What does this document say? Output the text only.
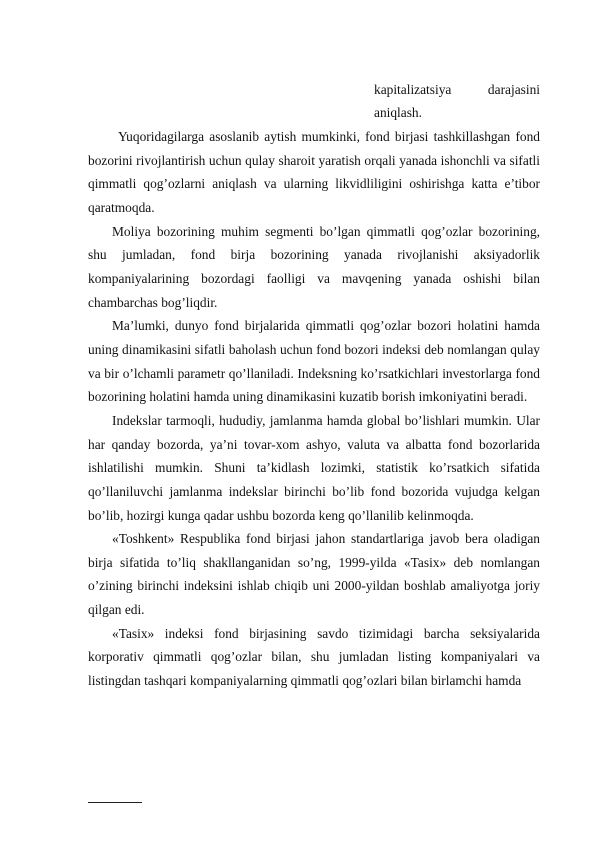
kapitalizatsiya darajasini
aniqlash.

Yuqoridagilarga asoslanib aytish mumkinki, fond birjasi tashkillashgan fond bozorini rivojlantirish uchun qulay sharoit yaratish orqali yanada ishonchli va sifatli qimmatli qog’ozlarni aniqlash va ularning likvidliligini oshirishga katta e’tibor qaratmoqda.

Moliya bozorining muhim segmenti bo’lgan qimmatli qog’ozlar bozorining, shu jumladan, fond birja bozorining yanada rivojlanishi aksiyadorlik kompaniyalarining bozordagi faolligi va mavqening yanada oshishi bilan chambarchas bog’liqdir.

Ma’lumki, dunyo fond birjalarida qimmatli qog’ozlar bozori holatini hamda uning dinamikasini sifatli baholash uchun fond bozori indeksi deb nomlangan qulay va bir o’lchamli parametr qo’llaniladi. Indeksning ko’rsatkichlari investorlarga fond bozorining holatini hamda uning dinamikasini kuzatib borish imkoniyatini beradi.

Indekslar tarmoqli, hududiy, jamlanma hamda global bo’lishlari mumkin. Ular har qanday bozorda, ya’ni tovar-xom ashyo, valuta va albatta fond bozorlarida ishlatilishi mumkin. Shuni ta’kidlash lozimki, statistik ko’rsatkich sifatida qo’llaniluvchi jamlanma indekslar birinchi bo’lib fond bozorida vujudga kelgan bo’lib, hozirgi kunga qadar ushbu bozorda keng qo’llanilib kelinmoqda.

«Toshkent» Respublika fond birjasi jahon standartlariga javob bera oladigan birja sifatida to’liq shakllanganidan so’ng, 1999-yilda «Tasix» deb nomlangan o’zining birinchi indeksini ishlab chiqib uni 2000-yildan boshlab amaliyotga joriy qilgan edi.

«Tasix» indeksi fond birjasining savdo tizimidagi barcha seksiyalarida korporativ qimmatli qog’ozlar bilan, shu jumladan listing kompaniyalari va listingdan tashqari kompaniyalarning qimmatli qog’ozlari bilan birlamchi hamda
